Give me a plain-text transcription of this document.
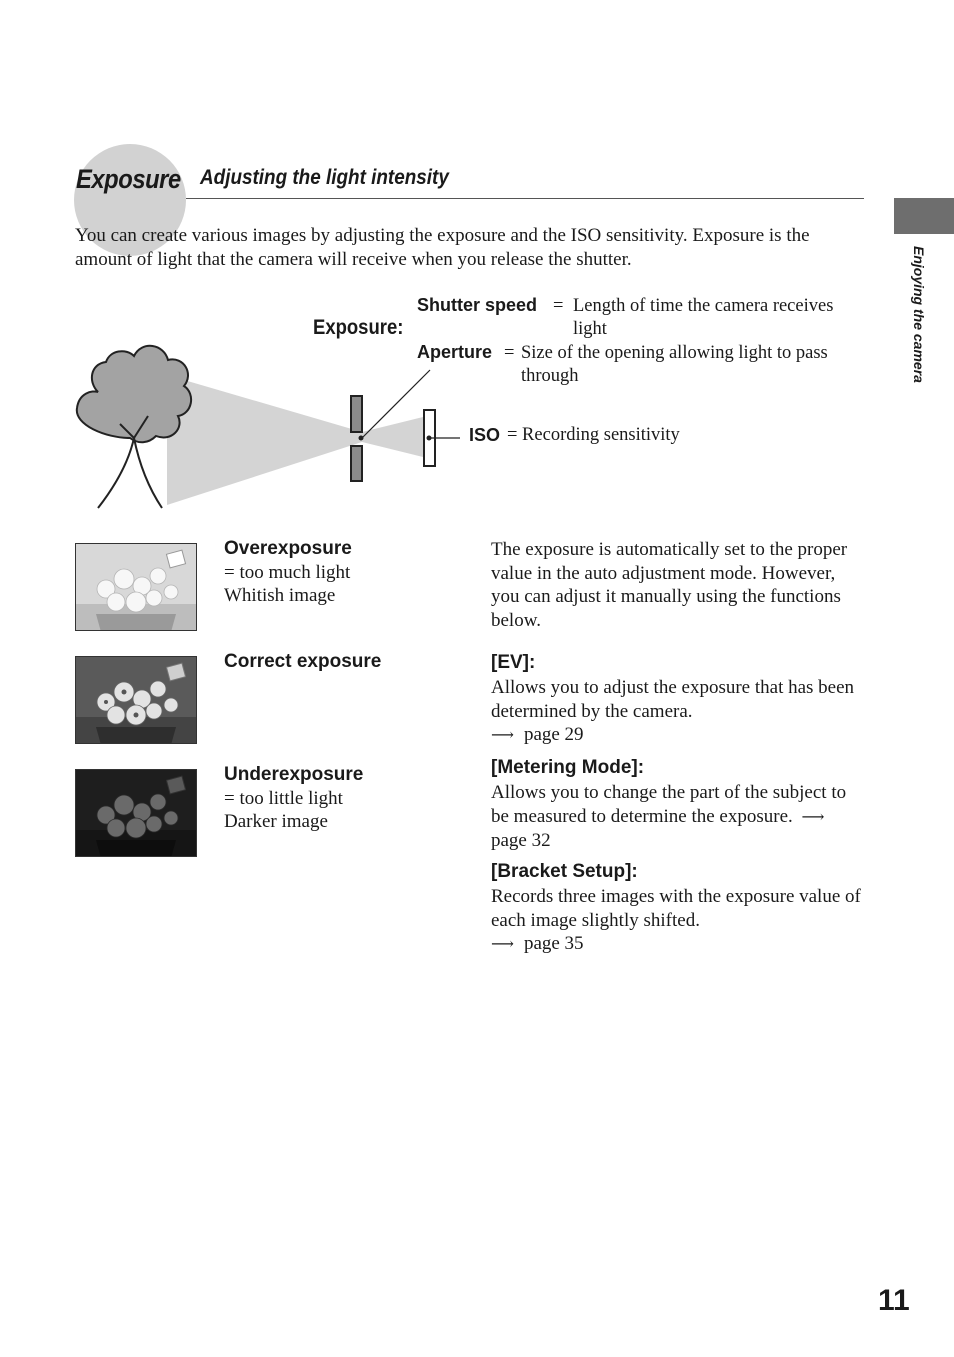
Exposure Adjusting the light intensity
Enjoying the camera
You can create various images by adjusting the exposure and the ISO sensitivity. Exposure is the amount of light that the camera will receive when you release the shutter.
Exposure:
Shutter speed = Length of time the camera receives light
Aperture = Size of the opening allowing light to pass through
ISO = Recording sensitivity
Overexposure
= too much light
Whitish image
Correct exposure
Underexposure
= too little light
Darker image
The exposure is automatically set to the proper value in the auto adjustment mode. However, you can adjust it manually using the functions below.
[EV]:
Allows you to adjust the exposure that has been determined by the camera.
⟶ page 29
[Metering Mode]:
Allows you to change the part of the subject to be measured to determine the exposure. ⟶page 32
[Bracket Setup]:
Records three images with the exposure value of each image slightly shifted.
⟶ page 35
11
